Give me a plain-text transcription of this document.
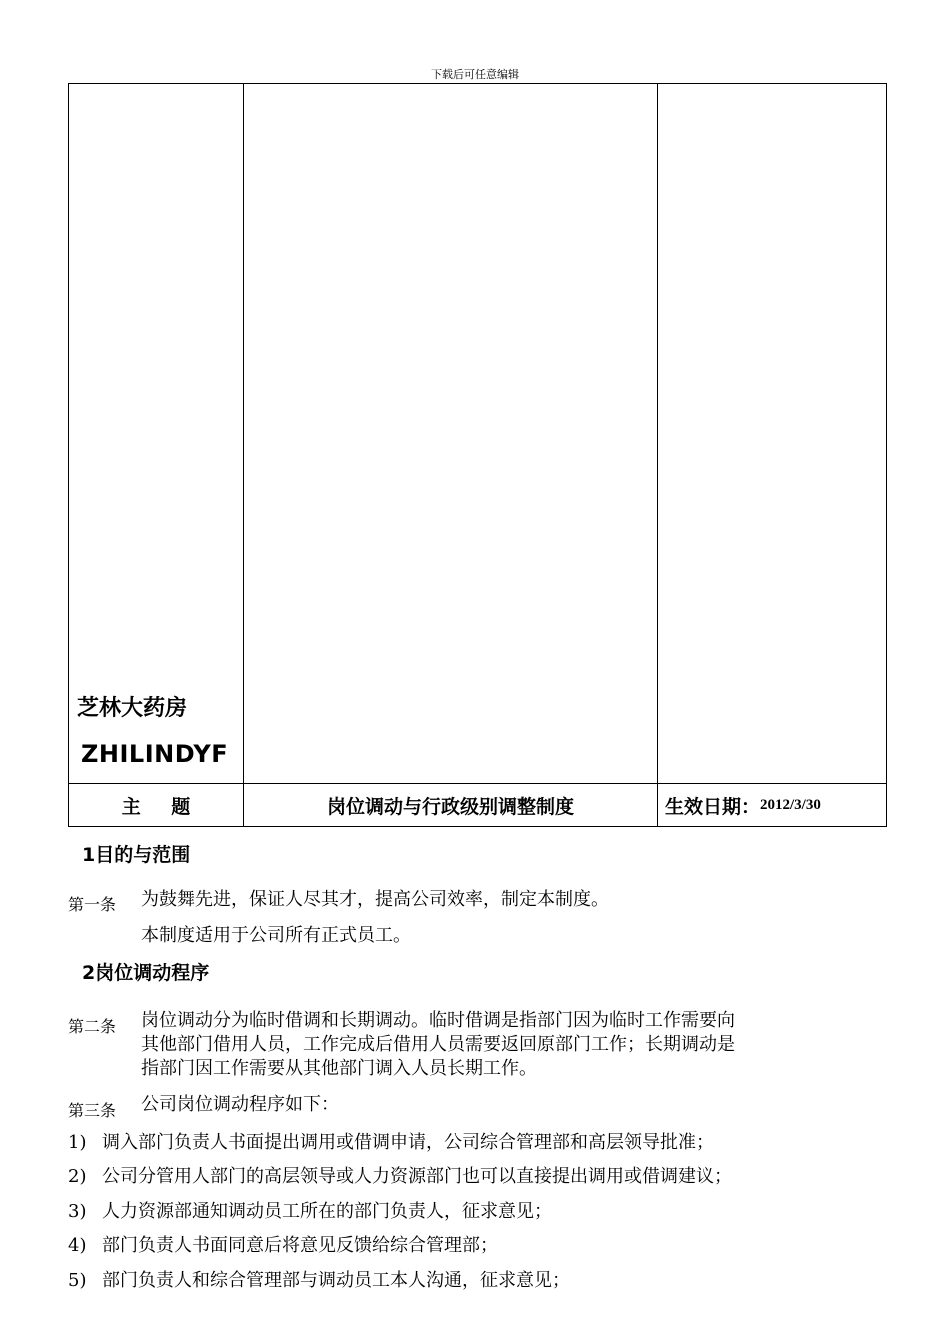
下载后可任意编辑
芝林大药房
ZHILINDYF
主 题	岗位调动与行政级别调整制度	生效日期： 2012/3/30
1目的与范围
第一条 为鼓舞先进，保证人尽其才，提高公司效率，制定本制度。
本制度适用于公司所有正式员工。
2岗位调动程序
第二条 岗位调动分为临时借调和长期调动。临时借调是指部门因为临时工作需要向
其他部门借用人员，工作完成后借用人员需要返回原部门工作；长期调动是
指部门因工作需要从其他部门调入人员长期工作。
第三条 公司岗位调动程序如下：
1) 调入部门负责人书面提出调用或借调申请，公司综合管理部和高层领导批准；
2) 公司分管用人部门的高层领导或人力资源部门也可以直接提出调用或借调建议；
3) 人力资源部通知调动员工所在的部门负责人，征求意见；
4) 部门负责人书面同意后将意见反馈给综合管理部；
5) 部门负责人和综合管理部与调动员工本人沟通，征求意见；
